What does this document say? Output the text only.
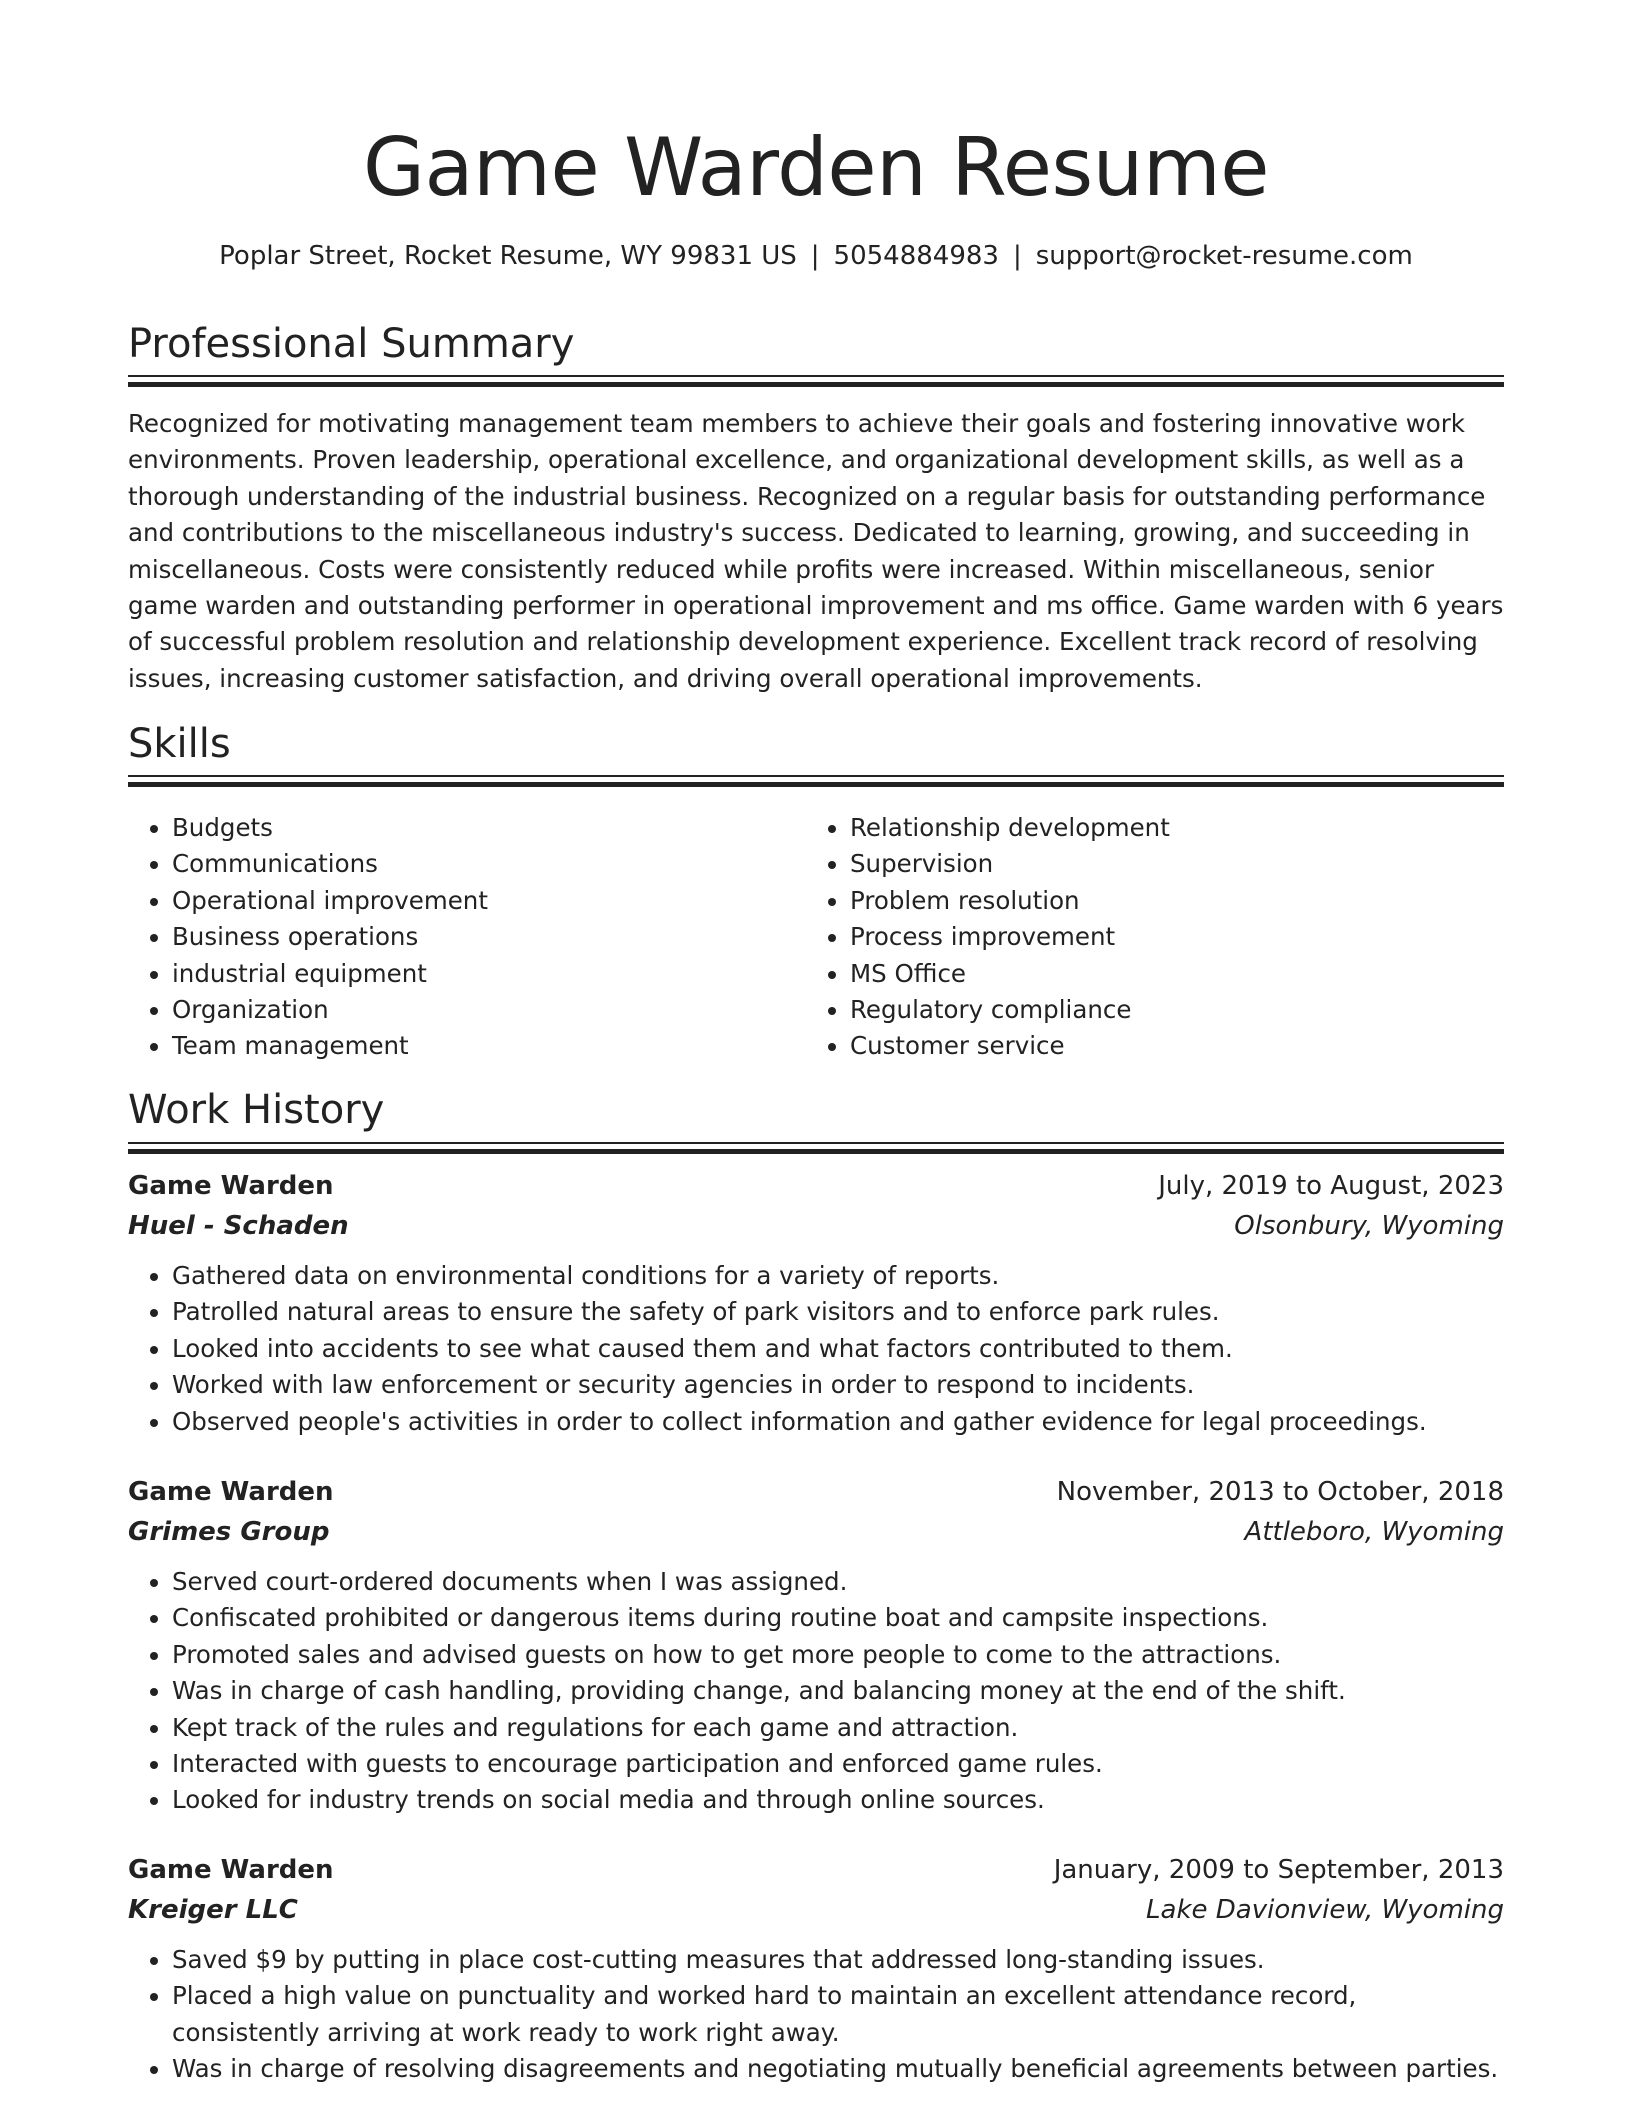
Game Warden Resume
Poplar Street, Rocket Resume, WY 99831 US | 5054884983 | support@rocket-resume.com
Professional Summary

Recognized for motivating management team members to achieve their goals and fostering innovative work environments. Proven leadership, operational excellence, and organizational development skills, as well as a thorough understanding of the industrial business. Recognized on a regular basis for outstanding performance and contributions to the miscellaneous industry's success. Dedicated to learning, growing, and succeeding in miscellaneous. Costs were consistently reduced while profits were increased. Within miscellaneous, senior game warden and outstanding performer in operational improvement and ms office. Game warden with 6 years of successful problem resolution and relationship development experience. Excellent track record of resolving issues, increasing customer satisfaction, and driving overall operational improvements.

Skills
• Budgets
• Communications
• Operational improvement
• Business operations
• industrial equipment
• Organization
• Team management
• Relationship development
• Supervision
• Problem resolution
• Process improvement
• MS Office
• Regulatory compliance
• Customer service
Work History
Game Warden	July, 2019 to August, 2023
Huel - Schaden	Olsonbury, Wyoming
• Gathered data on environmental conditions for a variety of reports.
• Patrolled natural areas to ensure the safety of park visitors and to enforce park rules.
• Looked into accidents to see what caused them and what factors contributed to them.
• Worked with law enforcement or security agencies in order to respond to incidents.
• Observed people's activities in order to collect information and gather evidence for legal proceedings.
Game Warden	November, 2013 to October, 2018
Grimes Group	Attleboro, Wyoming
• Served court-ordered documents when I was assigned.
• Confiscated prohibited or dangerous items during routine boat and campsite inspections.
• Promoted sales and advised guests on how to get more people to come to the attractions.
• Was in charge of cash handling, providing change, and balancing money at the end of the shift.
• Kept track of the rules and regulations for each game and attraction.
• Interacted with guests to encourage participation and enforced game rules.
• Looked for industry trends on social media and through online sources.
Game Warden	January, 2009 to September, 2013
Kreiger LLC	Lake Davionview, Wyoming
• Saved $9 by putting in place cost-cutting measures that addressed long-standing issues.
• Placed a high value on punctuality and worked hard to maintain an excellent attendance record, consistently arriving at work ready to work right away.
• Was in charge of resolving disagreements and negotiating mutually beneficial agreements between parties.
